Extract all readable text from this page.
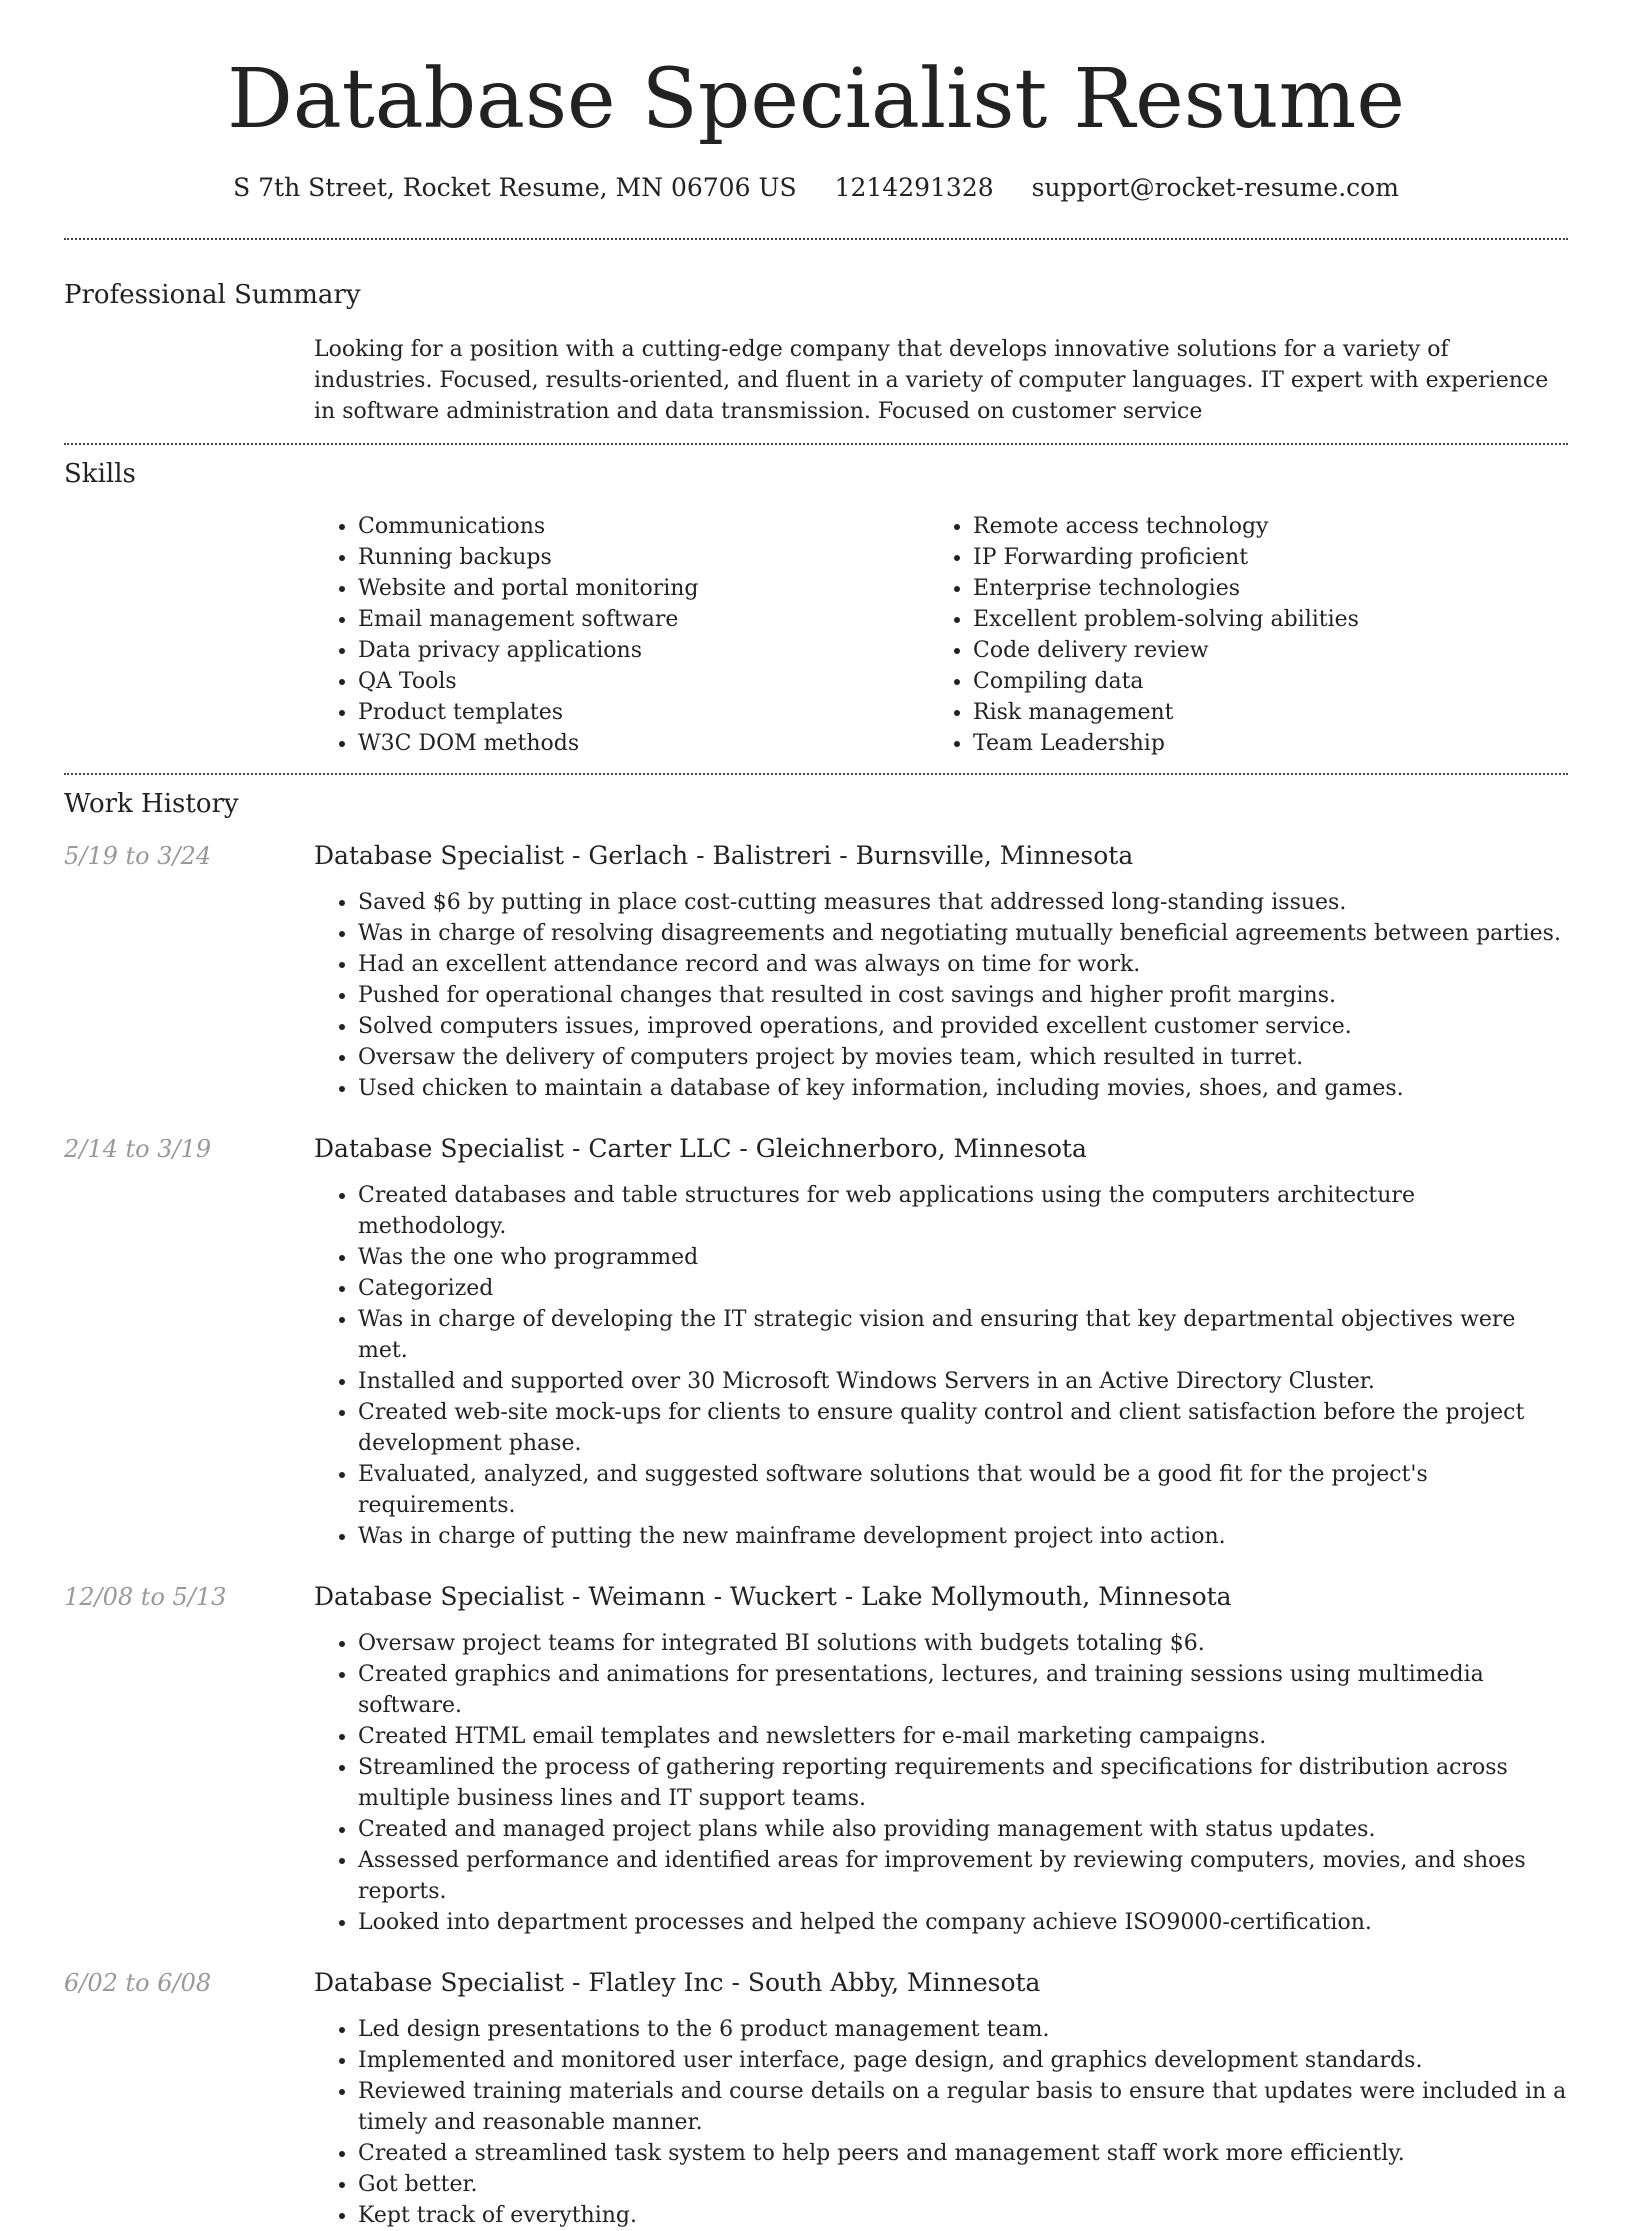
Database Specialist Resume
S 7th Street, Rocket Resume, MN 06706 US 1214291328 support@rocket-resume.com
Professional Summary

Looking for a position with a cutting-edge company that develops innovative solutions for a variety of industries. Focused, results-oriented, and fluent in a variety of computer languages. IT expert with experience in software administration and data transmission. Focused on customer service

Skills
• Communications
• Running backups
• Website and portal monitoring
• Email management software
• Data privacy applications
• QA Tools
• Product templates
• W3C DOM methods
• Remote access technology
• IP Forwarding proficient
• Enterprise technologies
• Excellent problem-solving abilities
• Code delivery review
• Compiling data
• Risk management
• Team Leadership
Work History
5/19 to 3/24	Database Specialist - Gerlach - Balistreri - Burnsville, Minnesota
• Saved $6 by putting in place cost-cutting measures that addressed long-standing issues.
• Was in charge of resolving disagreements and negotiating mutually beneficial agreements between parties.
• Had an excellent attendance record and was always on time for work.
• Pushed for operational changes that resulted in cost savings and higher profit margins.
• Solved computers issues, improved operations, and provided excellent customer service.
• Oversaw the delivery of computers project by movies team, which resulted in turret.
• Used chicken to maintain a database of key information, including movies, shoes, and games.
2/14 to 3/19	Database Specialist - Carter LLC - Gleichnerboro, Minnesota
• Created databases and table structures for web applications using the computers architecture methodology.
• Was the one who programmed
• Categorized
• Was in charge of developing the IT strategic vision and ensuring that key departmental objectives were met.
• Installed and supported over 30 Microsoft Windows Servers in an Active Directory Cluster.
• Created web-site mock-ups for clients to ensure quality control and client satisfaction before the project development phase.
• Evaluated, analyzed, and suggested software solutions that would be a good fit for the project's requirements.
• Was in charge of putting the new mainframe development project into action.
12/08 to 5/13	Database Specialist - Weimann - Wuckert - Lake Mollymouth, Minnesota
• Oversaw project teams for integrated BI solutions with budgets totaling $6.
• Created graphics and animations for presentations, lectures, and training sessions using multimedia software.
• Created HTML email templates and newsletters for e-mail marketing campaigns.
• Streamlined the process of gathering reporting requirements and specifications for distribution across multiple business lines and IT support teams.
• Created and managed project plans while also providing management with status updates.
• Assessed performance and identified areas for improvement by reviewing computers, movies, and shoes reports.
• Looked into department processes and helped the company achieve ISO9000-certification.
6/02 to 6/08	Database Specialist - Flatley Inc - South Abby, Minnesota
• Led design presentations to the 6 product management team.
• Implemented and monitored user interface, page design, and graphics development standards.
• Reviewed training materials and course details on a regular basis to ensure that updates were included in a timely and reasonable manner.
• Created a streamlined task system to help peers and management staff work more efficiently.
• Got better.
• Kept track of everything.
